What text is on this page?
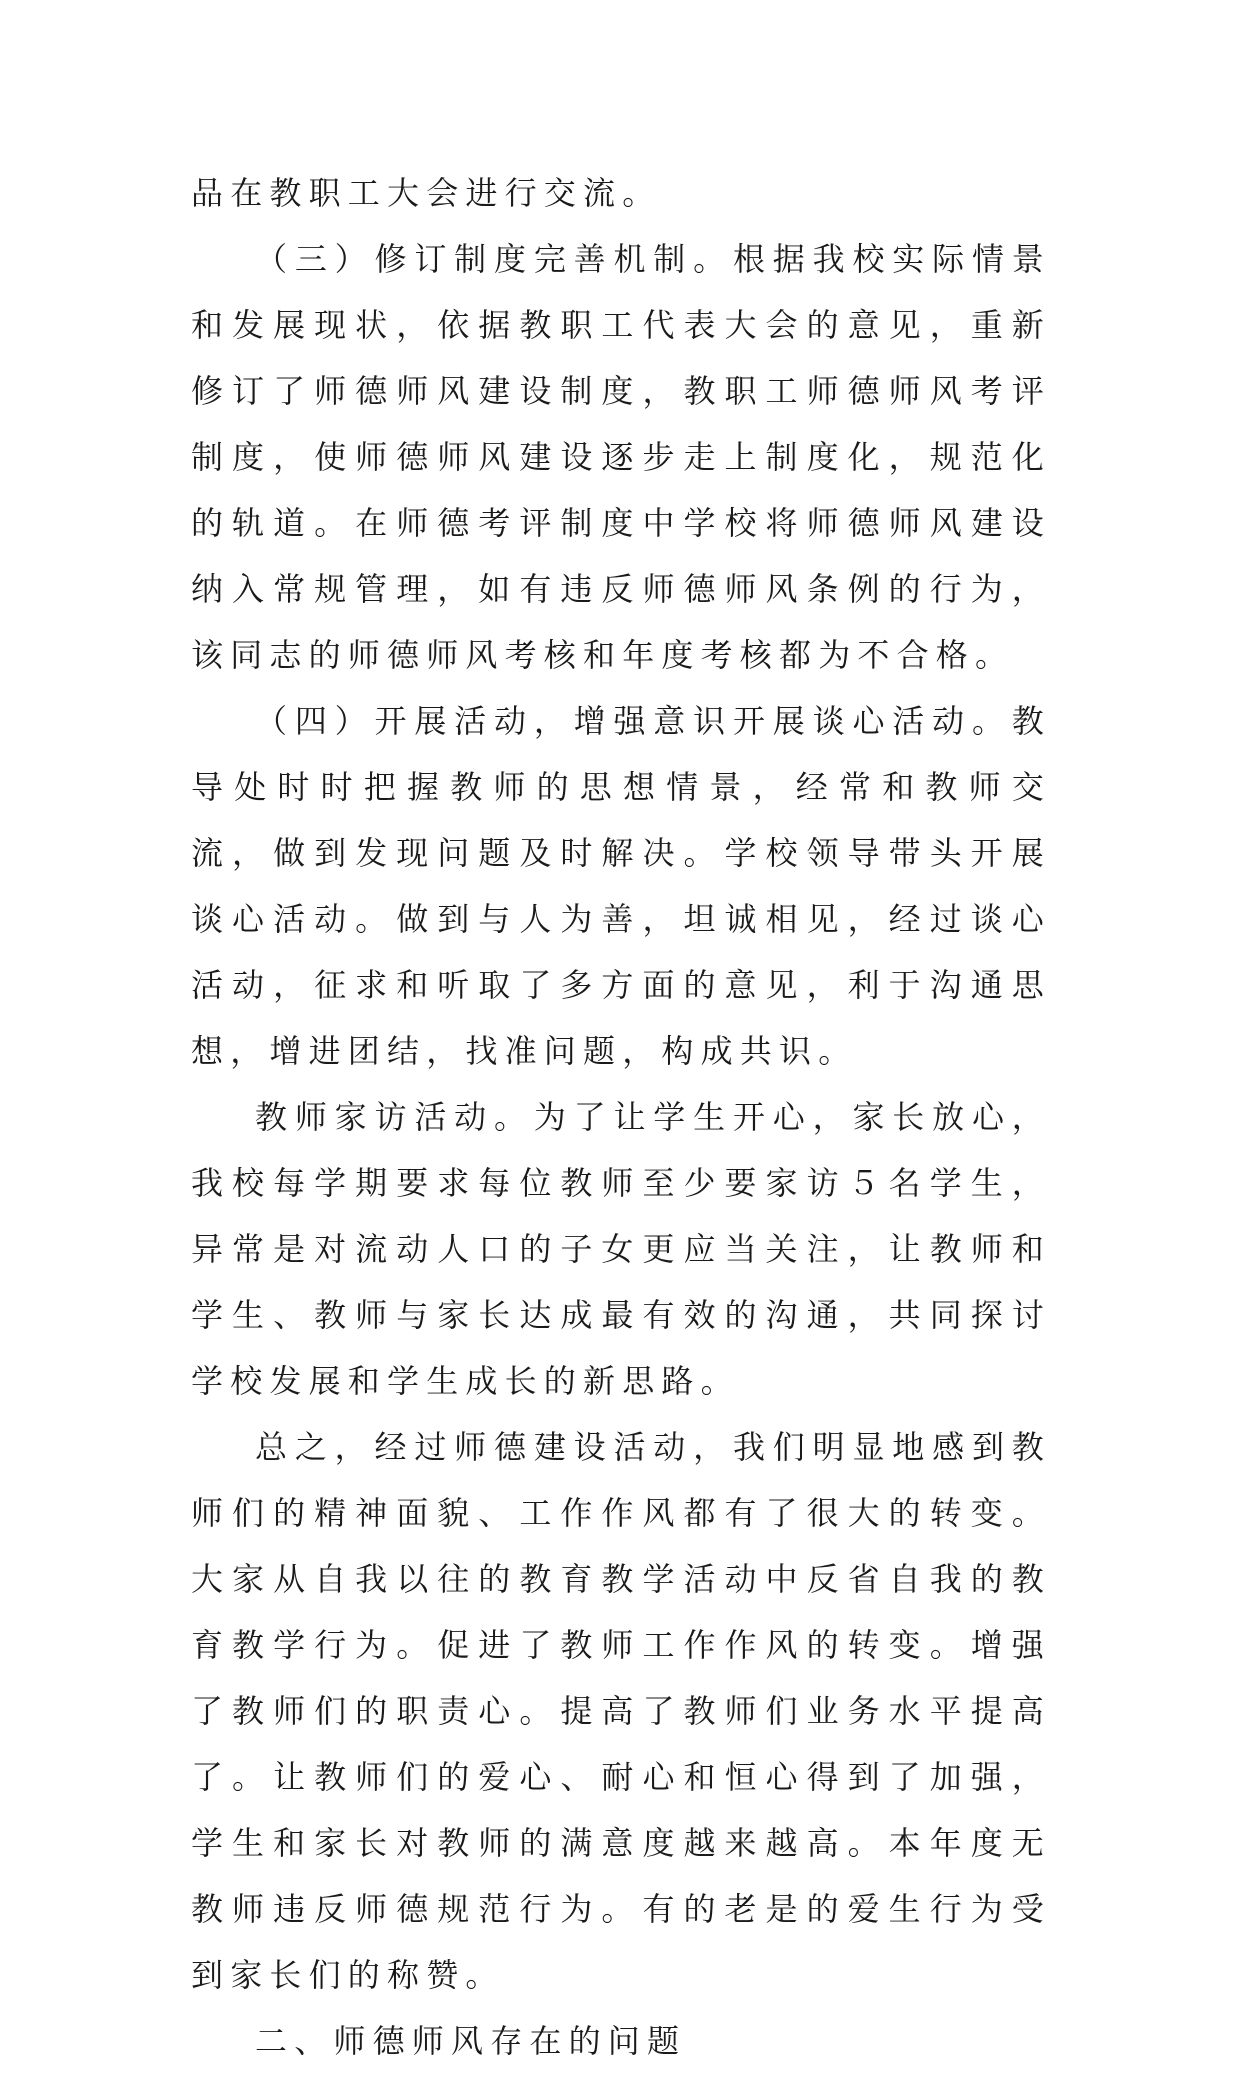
品在教职工大会进行交流。

（三）修订制度完善机制。根据我校实际情景和发展现状，依据教职工代表大会的意见，重新修订了师德师风建设制度，教职工师德师风考评制度，使师德师风建设逐步走上制度化，规范化的轨道。在师德考评制度中学校将师德师风建设纳入常规管理，如有违反师德师风条例的行为，该同志的师德师风考核和年度考核都为不合格。

（四）开展活动，增强意识开展谈心活动。教导处时时把握教师的思想情景，经常和教师交流，做到发现问题及时解决。学校领导带头开展谈心活动。做到与人为善，坦诚相见，经过谈心活动，征求和听取了多方面的意见，利于沟通思想，增进团结，找准问题，构成共识。

教师家访活动。为了让学生开心，家长放心，我校每学期要求每位教师至少要家访５名学生，异常是对流动人口的子女更应当关注，让教师和学生、教师与家长达成最有效的沟通，共同探讨学校发展和学生成长的新思路。

总之，经过师德建设活动，我们明显地感到教师们的精神面貌、工作作风都有了很大的转变。大家从自我以往的教育教学活动中反省自我的教育教学行为。促进了教师工作作风的转变。增强了教师们的职责心。提高了教师们业务水平提高了。让教师们的爱心、耐心和恒心得到了加强，学生和家长对教师的满意度越来越高。本年度无教师违反师德规范行为。有的老是的爱生行为受到家长们的称赞。

二、师德师风存在的问题
